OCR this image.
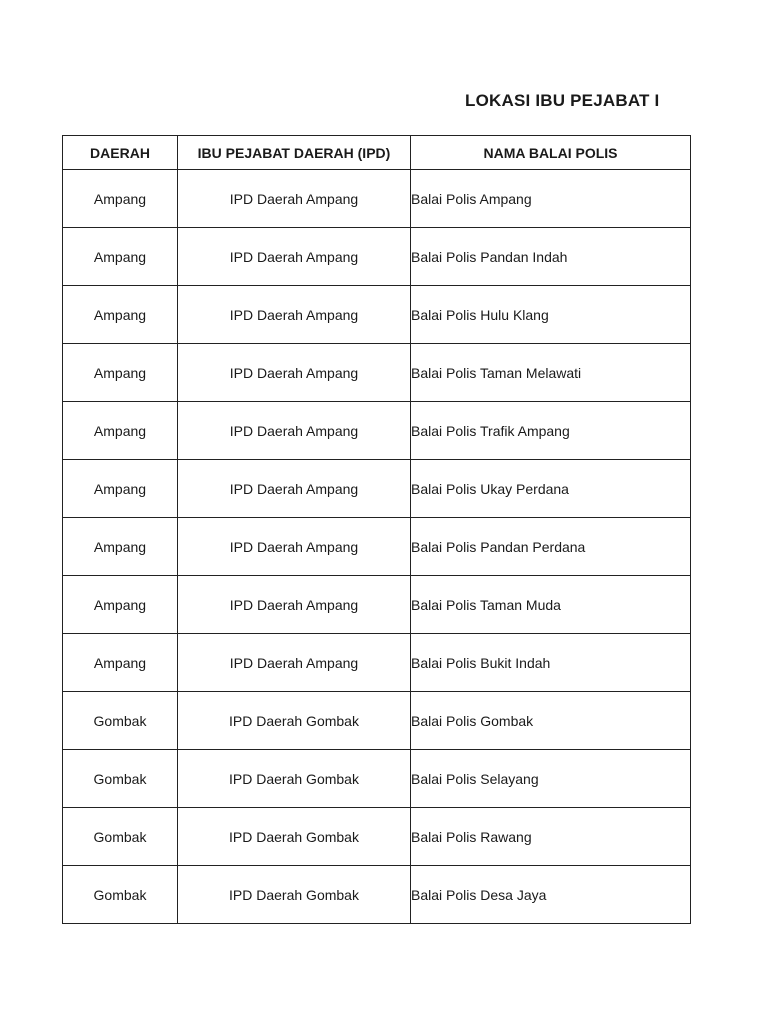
LOKASI IBU PEJABAT I
DAERAH	IBU PEJABAT DAERAH (IPD)	NAMA BALAI POLIS
Ampang	IPD Daerah Ampang	Balai Polis Ampang
Ampang	IPD Daerah Ampang	Balai Polis Pandan Indah
Ampang	IPD Daerah Ampang	Balai Polis Hulu Klang
Ampang	IPD Daerah Ampang	Balai Polis Taman Melawati
Ampang	IPD Daerah Ampang	Balai Polis Trafik Ampang
Ampang	IPD Daerah Ampang	Balai Polis Ukay Perdana
Ampang	IPD Daerah Ampang	Balai Polis Pandan Perdana
Ampang	IPD Daerah Ampang	Balai Polis Taman Muda
Ampang	IPD Daerah Ampang	Balai Polis Bukit Indah
Gombak	IPD Daerah Gombak	Balai Polis Gombak
Gombak	IPD Daerah Gombak	Balai Polis Selayang
Gombak	IPD Daerah Gombak	Balai Polis Rawang
Gombak	IPD Daerah Gombak	Balai Polis Desa Jaya
